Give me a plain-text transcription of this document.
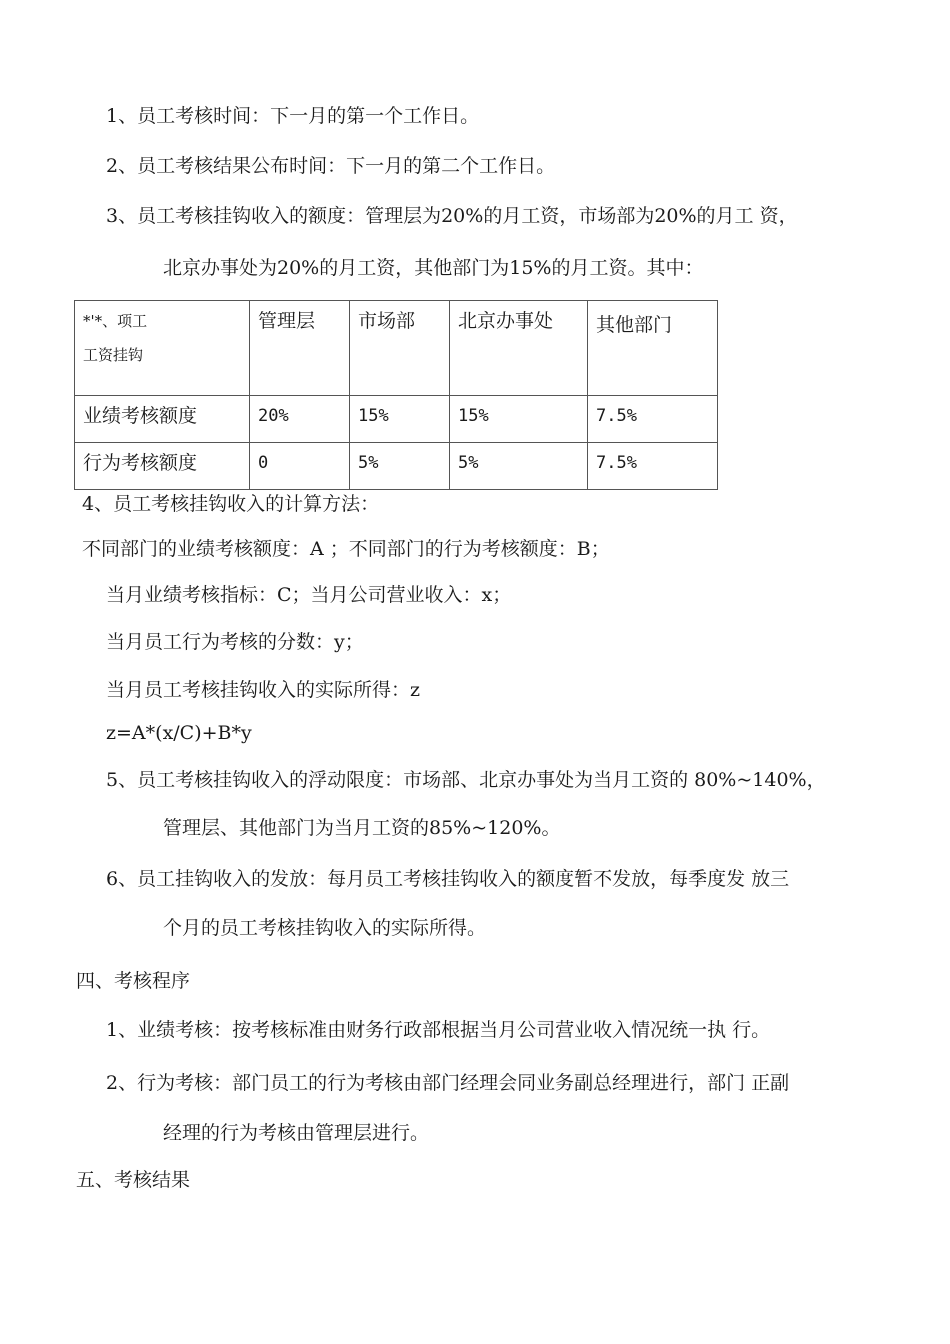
1、员工考核时间：下一月的第一个工作日。
2、员工考核结果公布时间：下一月的第二个工作日。
3、员工考核挂钩收入的额度：管理层为20%的月工资，市场部为20%的月工 资，
北京办事处为20%的月工资，其他部门为15%的月工资。其中：
*'*、项工
工资挂钩	管理层	市场部	北京办事处	其他部门

业绩考核额度	20%	15%	15%	7.5%

行为考核额度	0	5%	5%	7.5%
4、员工考核挂钩收入的计算方法：
不同部门的业绩考核额度：A ；不同部门的行为考核额度：B；
当月业绩考核指标：C；当月公司营业收入：x；
当月员工行为考核的分数：y；
当月员工考核挂钩收入的实际所得：z
z=A*(x/C)+B*y
5、员工考核挂钩收入的浮动限度：市场部、北京办事处为当月工资的 80%~140%，
管理层、其他部门为当月工资的85%~120%。
6、员工挂钩收入的发放：每月员工考核挂钩收入的额度暂不发放，每季度发 放三
个月的员工考核挂钩收入的实际所得。
四、考核程序
1、业绩考核：按考核标准由财务行政部根据当月公司营业收入情况统一执 行。
2、行为考核：部门员工的行为考核由部门经理会同业务副总经理进行，部门 正副
经理的行为考核由管理层进行。
五、考核结果
